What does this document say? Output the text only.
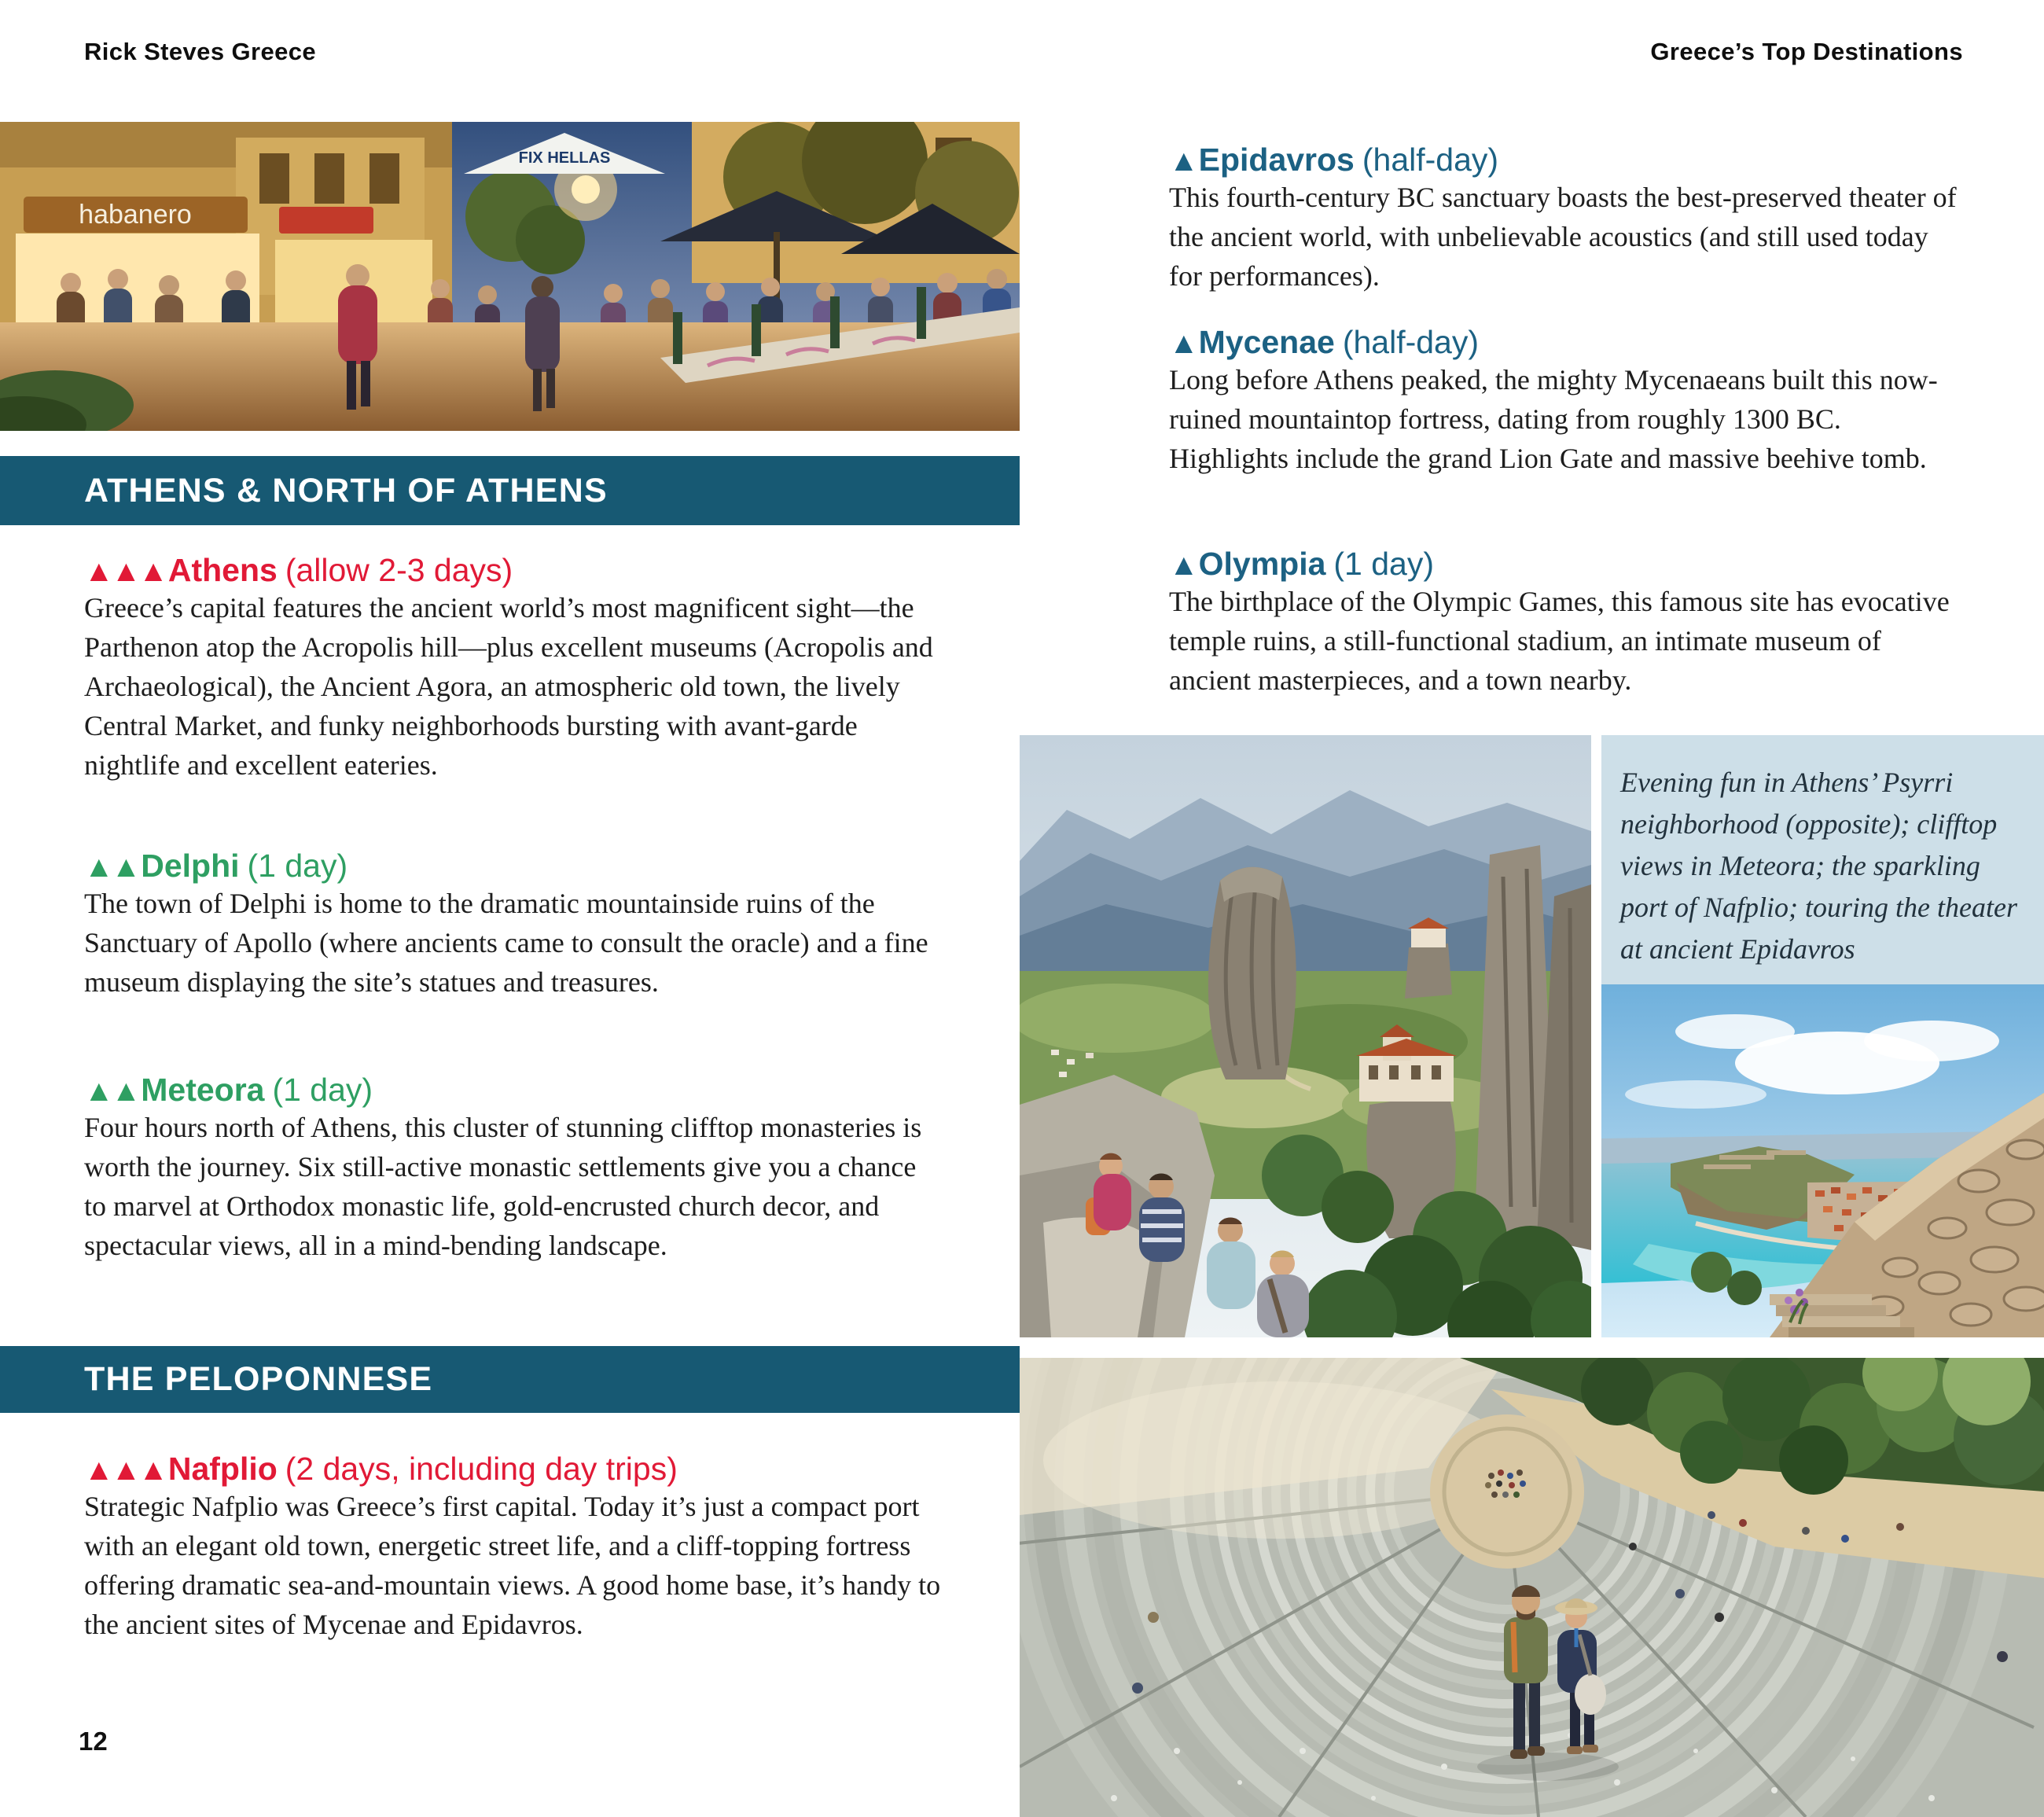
Rick Steves Greece	Greece’s Top Destinations
habanero
FIX HELLAS
ATHENS & NORTH OF ATHENS
▲▲▲Athens (allow 2-3 days)
Greece’s capital features the ancient world’s most magnificent sight—the Parthenon atop the Acropolis hill—plus excellent museums (Acropolis and Archaeological), the Ancient Agora, an atmospheric old town, the lively Central Market, and funky neighborhoods bursting with avant-garde nightlife and excellent eateries.
▲▲Delphi (1 day)
The town of Delphi is home to the dramatic mountainside ruins of the Sanctuary of Apollo (where ancients came to consult the oracle) and a fine museum displaying the site’s statues and treasures.
▲▲Meteora (1 day)
Four hours north of Athens, this cluster of stunning clifftop monasteries is worth the journey. Six still-active monastic settlements give you a chance to marvel at Orthodox monastic life, gold-encrusted church decor, and spectacular views, all in a mind-bending landscape.
THE PELOPONNESE
▲▲▲Nafplio (2 days, including day trips)
Strategic Nafplio was Greece’s first capital. Today it’s just a compact port with an elegant old town, energetic street life, and a cliff-topping fortress offering dramatic sea-and-mountain views. A good home base, it’s handy to the ancient sites of Mycenae and Epidavros.
12
▲Epidavros (half-day)
This fourth-century BC sanctuary boasts the best-preserved theater of the ancient world, with unbelievable acoustics (and still used today for performances).
▲Mycenae (half-day)
Long before Athens peaked, the mighty Mycenaeans built this now-ruined mountaintop fortress, dating from roughly 1300 BC. Highlights include the grand Lion Gate and massive beehive tomb.
▲Olympia (1 day)
The birthplace of the Olympic Games, this famous site has evocative temple ruins, a still-functional stadium, an intimate museum of ancient masterpieces, and a town nearby.
Evening fun in Athens’ Psyrri neighborhood (opposite); clifftop views in Meteora; the sparkling port of Nafplio; touring the theater at ancient Epidavros
